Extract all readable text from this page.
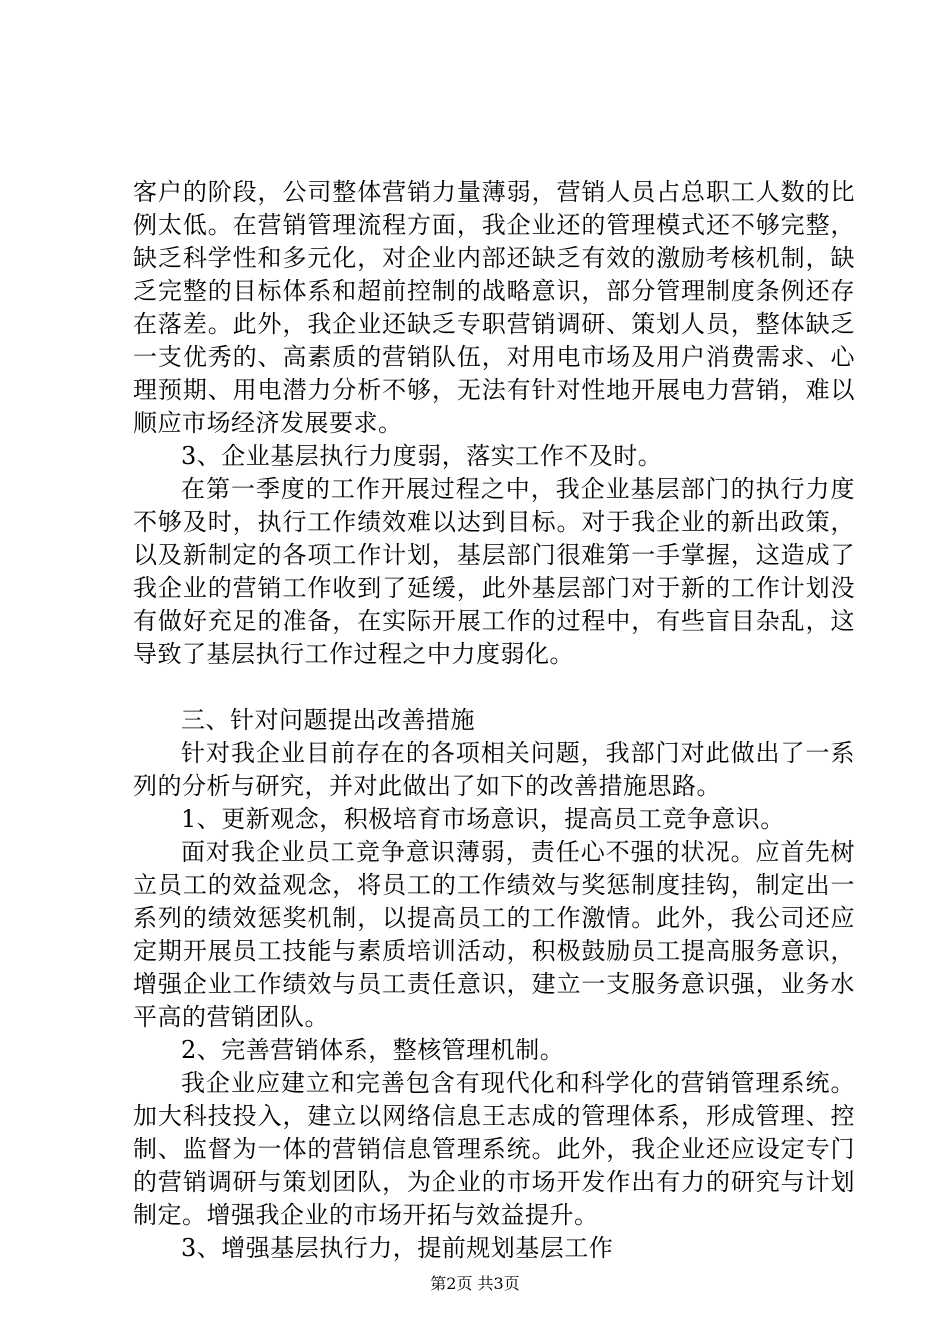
客户的阶段，公司整体营销力量薄弱，营销人员占总职工人数的比例太低。在营销管理流程方面，我企业还的管理模式还不够完整，缺乏科学性和多元化，对企业内部还缺乏有效的激励考核机制，缺乏完整的目标体系和超前控制的战略意识，部分管理制度条例还存在落差。此外，我企业还缺乏专职营销调研、策划人员，整体缺乏一支优秀的、高素质的营销队伍，对用电市场及用户消费需求、心理预期、用电潜力分析不够，无法有针对性地开展电力营销，难以顺应市场经济发展要求。

3、企业基层执行力度弱，落实工作不及时。

在第一季度的工作开展过程之中，我企业基层部门的执行力度不够及时，执行工作绩效难以达到目标。对于我企业的新出政策，以及新制定的各项工作计划，基层部门很难第一手掌握，这造成了我企业的营销工作收到了延缓，此外基层部门对于新的工作计划没有做好充足的准备，在实际开展工作的过程中，有些盲目杂乱，这导致了基层执行工作过程之中力度弱化。

三、针对问题提出改善措施

针对我企业目前存在的各项相关问题，我部门对此做出了一系列的分析与研究，并对此做出了如下的改善措施思路。

1、更新观念，积极培育市场意识，提高员工竞争意识。

面对我企业员工竞争意识薄弱，责任心不强的状况。应首先树立员工的效益观念，将员工的工作绩效与奖惩制度挂钩，制定出一系列的绩效惩奖机制，以提高员工的工作激情。此外，我公司还应定期开展员工技能与素质培训活动，积极鼓励员工提高服务意识，增强企业工作绩效与员工责任意识，建立一支服务意识强，业务水平高的营销团队。

2、完善营销体系，整核管理机制。

我企业应建立和完善包含有现代化和科学化的营销管理系统。加大科技投入，建立以网络信息王志成的管理体系，形成管理、控制、监督为一体的营销信息管理系统。此外，我企业还应设定专门的营销调研与策划团队，为企业的市场开发作出有力的研究与计划制定。增强我企业的市场开拓与效益提升。

3、增强基层执行力，提前规划基层工作

第2页 共3页
